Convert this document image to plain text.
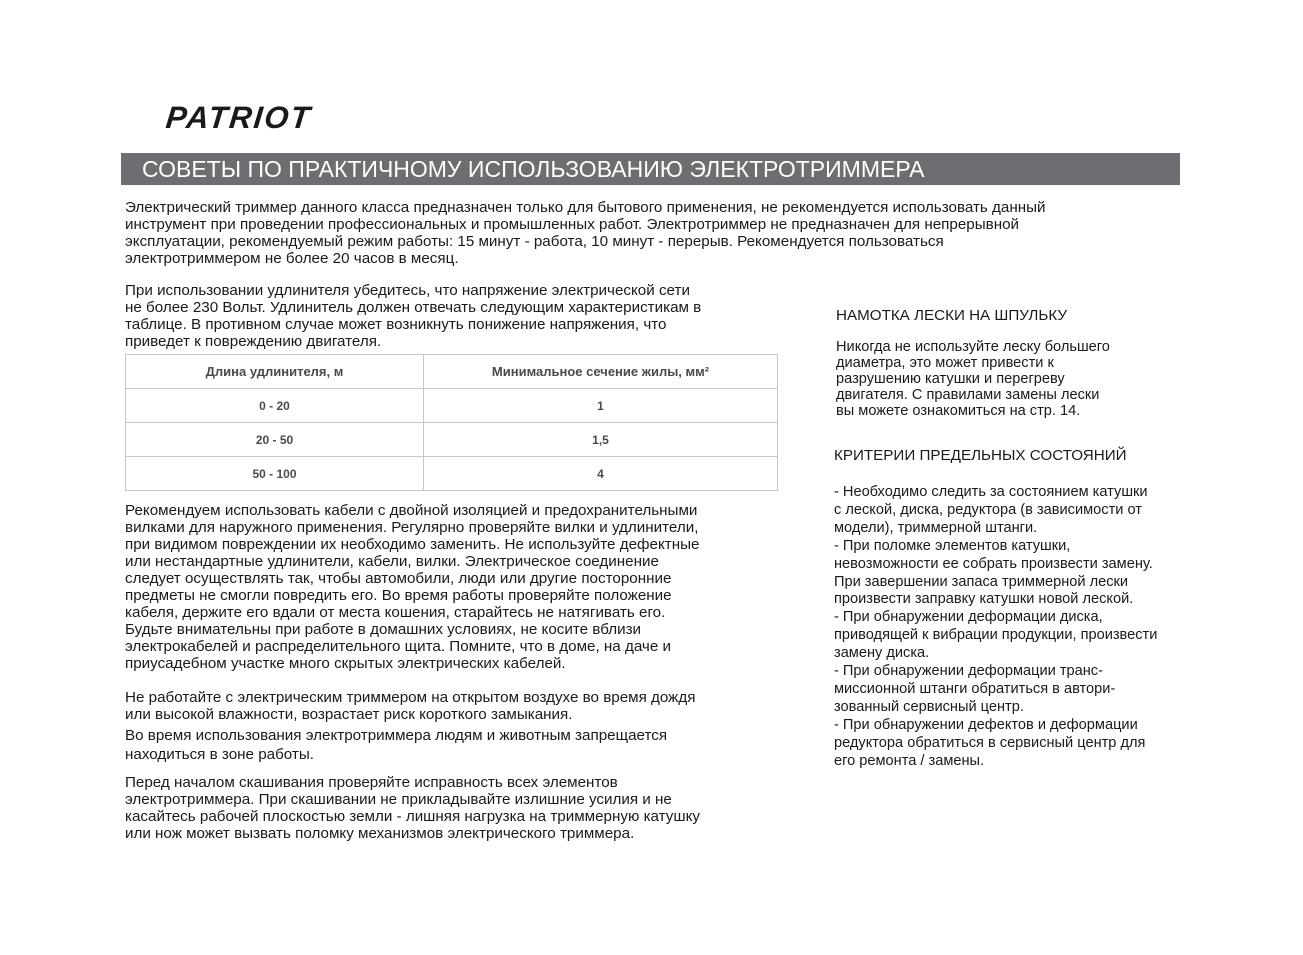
PATRIOT
СОВЕТЫ ПО ПРАКТИЧНОМУ ИСПОЛЬЗОВАНИЮ ЭЛЕКТРОТРИММЕРА
Электрический триммер данного класса предназначен только для бытового применения, не рекомендуется использовать данный
инструмент при проведении профессиональных и промышленных работ. Электротриммер не предназначен для непрерывной
эксплуатации, рекомендуемый режим работы: 15 минут - работа, 10 минут - перерыв. Рекомендуется пользоваться
электротриммером не более 20 часов в месяц.
При использовании удлинителя убедитесь, что напряжение электрической сети
не более 230 Вольт. Удлинитель должен отвечать следующим характеристикам в
таблице. В противном случае может возникнуть понижение напряжения, что
приведет к повреждению двигателя.
Длина удлинителя, м	Минимальное сечение жилы, мм²
0 - 20	1
20 - 50	1,5
50 - 100	4
Рекомендуем использовать кабели с двойной изоляцией и предохранительными
вилками для наружного применения. Регулярно проверяйте вилки и удлинители,
при видимом повреждении их необходимо заменить. Не используйте дефектные
или нестандартные удлинители, кабели, вилки. Электрическое соединение
следует осуществлять так, чтобы автомобили, люди или другие посторонние
предметы не смогли повредить его. Во время работы проверяйте положение
кабеля, держите его вдали от места кошения, старайтесь не натягивать его.
Будьте внимательны при работе в домашних условиях, не косите вблизи
электрокабелей и распределительного щита. Помните, что в доме, на даче и
приусадебном участке много скрытых электрических кабелей.
Не работайте с электрическим триммером на открытом воздухе во время дождя
или высокой влажности, возрастает риск короткого замыкания.
Во время использования электротриммера людям и животным запрещается
находиться в зоне работы.
Перед началом скашивания проверяйте исправность всех элементов
электротриммера. При скашивании не прикладывайте излишние усилия и не
касайтесь рабочей плоскостью земли - лишняя нагрузка на триммерную катушку
или нож может вызвать поломку механизмов электрического триммера.
НАМОТКА ЛЕСКИ НА ШПУЛЬКУ
Никогда не используйте леску большего
диаметра, это может привести к
разрушению катушки и перегреву
двигателя. С правилами замены лески
вы можете ознакомиться на стр. 14.
КРИТЕРИИ ПРЕДЕЛЬНЫХ СОСТОЯНИЙ
- Необходимо следить за состоянием катушки
с леской, диска, редуктора (в зависимости от
модели), триммерной штанги.
- При поломке элементов катушки,
невозможности ее собрать произвести замену.
При завершении запаса триммерной лески
произвести заправку катушки новой леской.
- При обнаружении деформации диска,
приводящей к вибрации продукции, произвести
замену диска.
- При обнаружении деформации транс-
миссионной штанги обратиться в автори-
зованный сервисный центр.
- При обнаружении дефектов и деформации
редуктора обратиться в сервисный центр для
его ремонта / замены.
